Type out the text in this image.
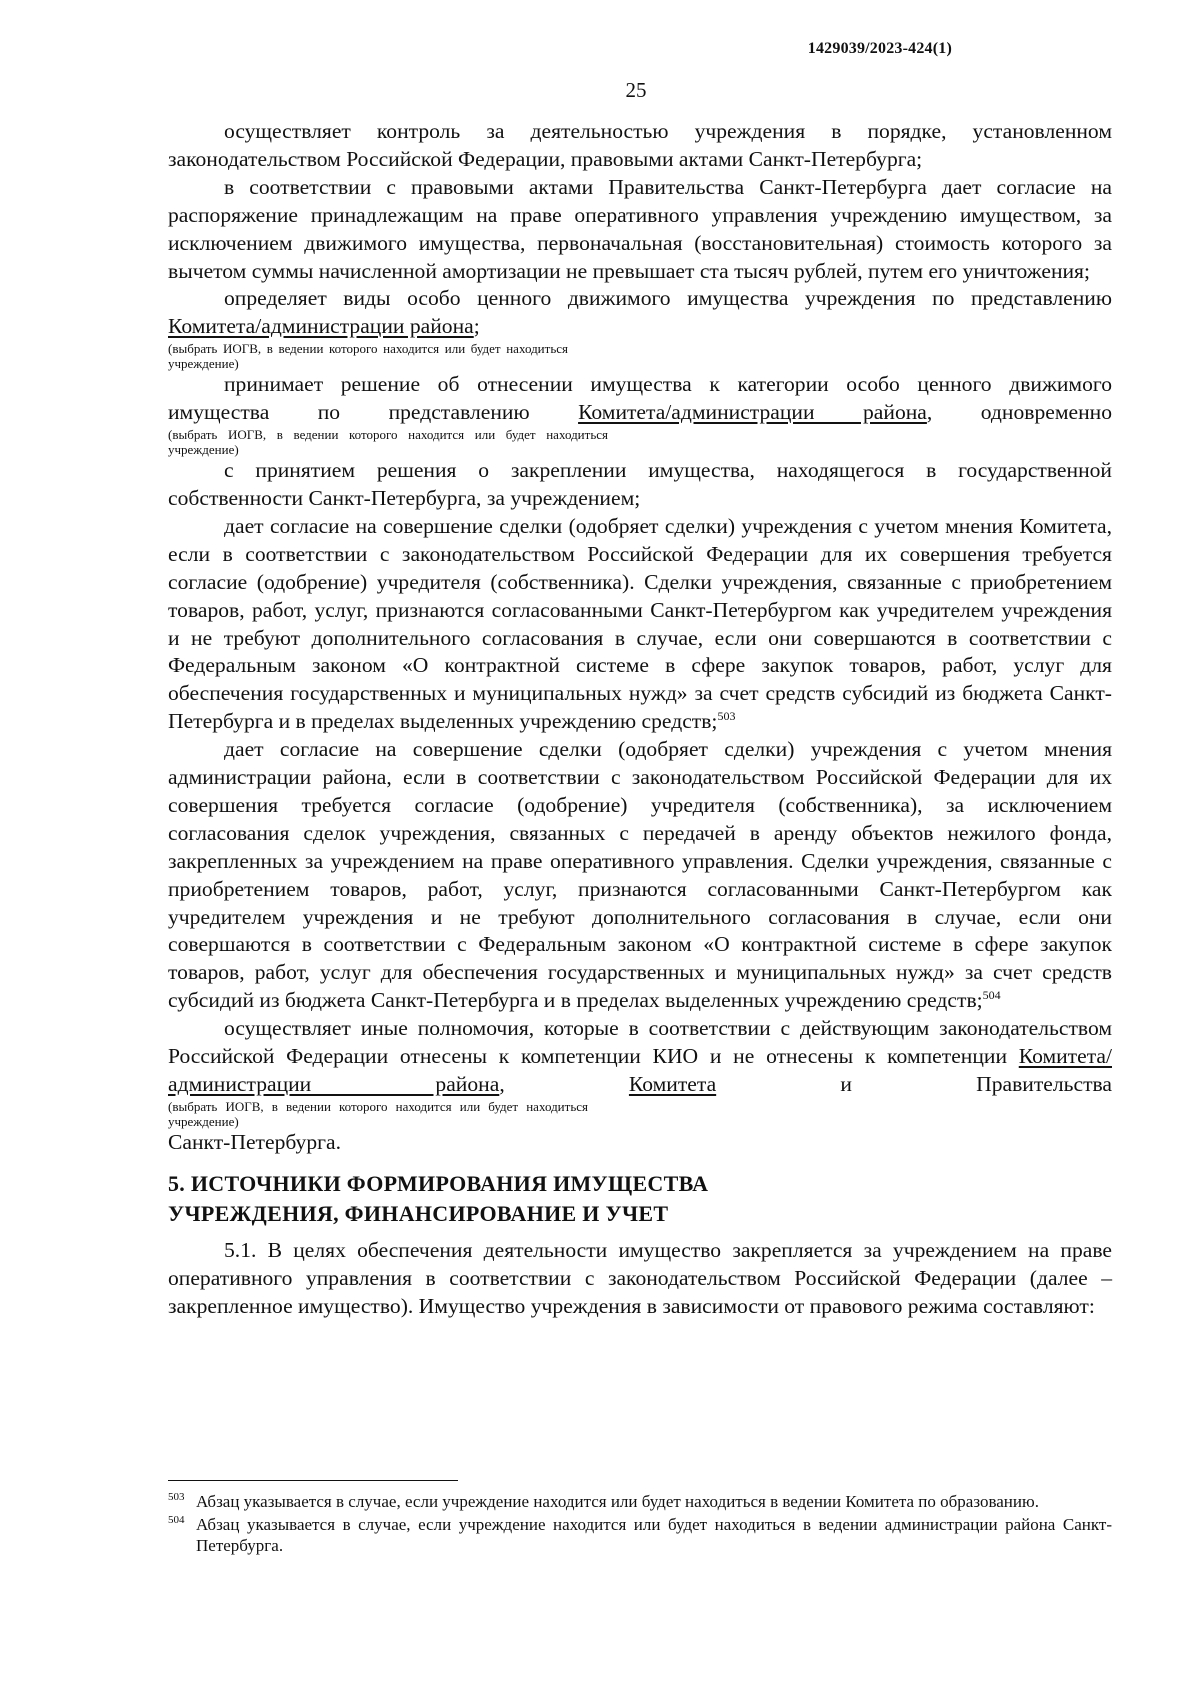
1429039/2023-424(1)
25

осуществляет контроль за деятельностью учреждения в порядке, установленном законодательством Российской Федерации, правовыми актами Санкт-Петербурга;

в соответствии с правовыми актами Правительства Санкт-Петербурга дает согласие на распоряжение принадлежащим на праве оперативного управления учреждению имуществом, за исключением движимого имущества, первоначальная (восстановительная) стоимость которого за вычетом суммы начисленной амортизации не превышает ста тысяч рублей, путем его уничтожения;

определяет виды особо ценного движимого имущества учреждения по представлению Комитета/администрации района;

(выбрать ИОГВ, в ведении которого находится или будет находиться учреждение)

принимает решение об отнесении имущества к категории особо ценного движимого

имущества по представлению Комитета/администрации района, одновременно

(выбрать ИОГВ, в ведении которого находится или будет находиться учреждение)

с принятием решения о закреплении имущества, находящегося в государственной собственности Санкт-Петербурга, за учреждением;

дает согласие на совершение сделки (одобряет сделки) учреждения с учетом мнения Комитета, если в соответствии с законодательством Российской Федерации для их совершения требуется согласие (одобрение) учредителя (собственника). Сделки учреждения, связанные с приобретением товаров, работ, услуг, признаются согласованными Санкт-Петербургом как учредителем учреждения и не требуют дополнительного согласования в случае, если они совершаются в соответствии с Федеральным законом «О контрактной системе в сфере закупок товаров, работ, услуг для обеспечения государственных и муниципальных нужд» за счет средств субсидий из бюджета Санкт-Петербурга и в пределах выделенных учреждению средств;$^{503}$

дает согласие на совершение сделки (одобряет сделки) учреждения с учетом мнения администрации района, если в соответствии с законодательством Российской Федерации для их совершения требуется согласие (одобрение) учредителя (собственника), за исключением согласования сделок учреждения, связанных с передачей в аренду объектов нежилого фонда, закрепленных за учреждением на праве оперативного управления. Сделки учреждения, связанные с приобретением товаров, работ, услуг, признаются согласованными Санкт-Петербургом как учредителем учреждения и не требуют дополнительного согласования в случае, если они совершаются в соответствии с Федеральным законом «О контрактной системе в сфере закупок товаров, работ, услуг для обеспечения государственных и муниципальных нужд» за счет средств субсидий из бюджета Санкт-Петербурга и в пределах выделенных учреждению средств;$^{504}$

осуществляет иные полномочия, которые в соответствии с действующим законодательством Российской Федерации отнесены к компетенции КИО и не отнесены к компетенции Комитета/администрации района,	Комитета	и Правительства

(выбрать ИОГВ, в ведении которого находится или будет находиться учреждение)

Санкт-Петербурга.

5. ИСТОЧНИКИ ФОРМИРОВАНИЯ ИМУЩЕСТВА
УЧРЕЖДЕНИЯ, ФИНАНСИРОВАНИЕ И УЧЕТ

5.1. В целях обеспечения деятельности имущество закрепляется за учреждением на праве оперативного управления в соответствии с законодательством Российской Федерации (далее – закрепленное имущество). Имущество учреждения в зависимости от правового режима составляют:

503 Абзац указывается в случае, если учреждение находится или будет находиться в ведении Комитета по образованию.
504 Абзац указывается в случае, если учреждение находится или будет находиться в ведении администрации района Санкт-Петербурга.
